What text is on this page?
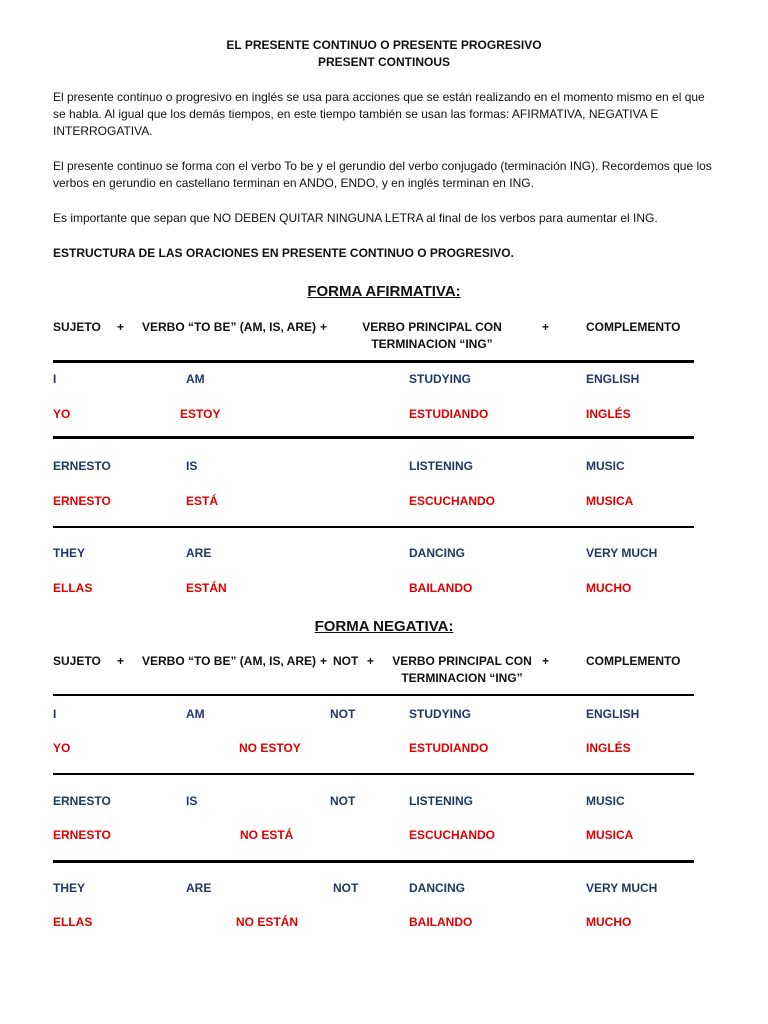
EL PRESENTE CONTINUO O PRESENTE PROGRESIVO
PRESENT CONTINOUS
El presente continuo o progresivo en inglés se usa para acciones que se están realizando en el momento mismo en el que se habla. Al igual que los demás tiempos, en este tiempo también se usan las formas: AFIRMATIVA, NEGATIVA E INTERROGATIVA.
El presente continuo se forma con el verbo To be y el gerundio del verbo conjugado (terminación ING). Recordemos que los verbos en gerundio en castellano terminan en ANDO, ENDO, y en inglés terminan en ING.
Es importante que sepan que NO DEBEN QUITAR NINGUNA LETRA al final de los verbos para aumentar el ING.
ESTRUCTURA DE LAS ORACIONES EN PRESENTE CONTINUO O PROGRESIVO.
FORMA AFIRMATIVA:
SUJETO + VERBO “TO BE” (AM, IS, ARE) +	VERBO PRINCIPAL CON
TERMINACION “ING”
+	COMPLEMENTO
I	AM	STUDYING	ENGLISH
YO	ESTOY	ESTUDIANDO	INGLÉS
ERNESTO	IS	LISTENING	MUSIC
ERNESTO	ESTÁ	ESCUCHANDO	MUSICA
THEY	ARE	DANCING	VERY MUCH
ELLAS	ESTÁN	BAILANDO	MUCHO
FORMA NEGATIVA:
SUJETO + VERBO “TO BE” (AM, IS, ARE) + NOT +	VERBO PRINCIPAL CON
TERMINACION “ING”
+	COMPLEMENTO
I	AM	NOT	STUDYING	ENGLISH
YO	NO ESTOY	ESTUDIANDO	INGLÉS
ERNESTO	IS	NOT	LISTENING	MUSIC
ERNESTO	NO ESTÁ	ESCUCHANDO	MUSICA
THEY	ARE	NOT	DANCING	VERY MUCH
ELLAS	NO ESTÁN	BAILANDO	MUCHO
